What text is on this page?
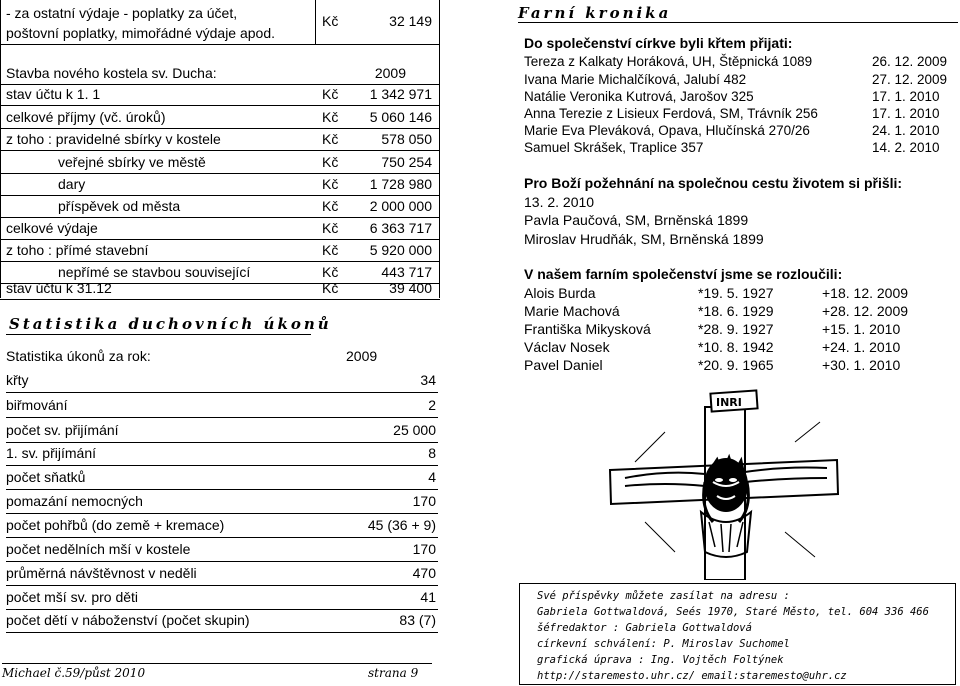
- za ostatní výdaje - poplatky za účet,
poštovní poplatky, mimořádné výdaje apod.
Kč	32 149
Stavba nového kostela sv. Ducha:	2009
stav účtu k 1. 1	Kč 1 342 971
celkové příjmy (vč. úroků)	Kč 5 060 146
z toho : pravidelné sbírky v kostele	Kč	578 050
veřejné sbírky ve městě	Kč	750 254
dary	Kč 1 728 980
příspěvek od města	Kč 2 000 000
celkové výdaje	Kč 6 363 717
z toho : přímé stavební	Kč 5 920 000
nepřímé se stavbou související	Kč	443 717
stav účtu k 31.12	Kč	39 400
Statistika duchovních úkonů
Statistika úkonů za rok:	2009
křty	34
biřmování	2
počet sv. přijímání	25 000
1. sv. přijímání	8
počet sňatků	4
pomazání nemocných	170
počet pohřbů (do země + kremace)	45 (36 + 9)
počet nedělních mší v kostele	170
průměrná návštěvnost v neděli	470
počet mší sv. pro děti	41
počet dětí v náboženství (počet skupin)	83 (7)
Michael č.59/půst 2010	strana 9
Farní kronika
Do společenství církve byli křtem přijati:
Tereza z Kalkaty Horáková, UH, Štěpnická 1089	26. 12. 2009
Ivana Marie Michalčíková, Jalubí 482	27. 12. 2009
Natálie Veronika Kutrová, Jarošov 325	17. 1. 2010
Anna Terezie z Lisieux Ferdová, SM, Trávník 256	17. 1. 2010
Marie Eva Pleváková, Opava, Hlučínská 270/26	24. 1. 2010
Samuel Skrášek, Traplice 357	14. 2. 2010
Pro Boží požehnání na společnou cestu životem si přišli:
13. 2. 2010
Pavla Paučová, SM, Brněnská 1899
Miroslav Hrudňák, SM, Brněnská 1899
V našem farním společenství jsme se rozloučili:
Alois Burda	*19. 5. 1927	+18. 12. 2009
Marie Machová	*18. 6. 1929	+28. 12. 2009
Františka Mikysková	*28. 9. 1927	+15. 1. 2010
Václav Nosek	*10. 8. 1942	+24. 1. 2010
Pavel Daniel	*20. 9. 1965	+30. 1. 2010
INRI
Své příspěvky můžete zasílat na adresu :
Gabriela Gottwaldová, Seés 1970, Staré Město, tel. 604 336 466
šéfredaktor : Gabriela Gottwaldová
církevní schválení: P. Miroslav Suchomel
grafická úprava : Ing. Vojtěch Foltýnek
http://staremesto.uhr.cz/ email:staremesto@uhr.cz
